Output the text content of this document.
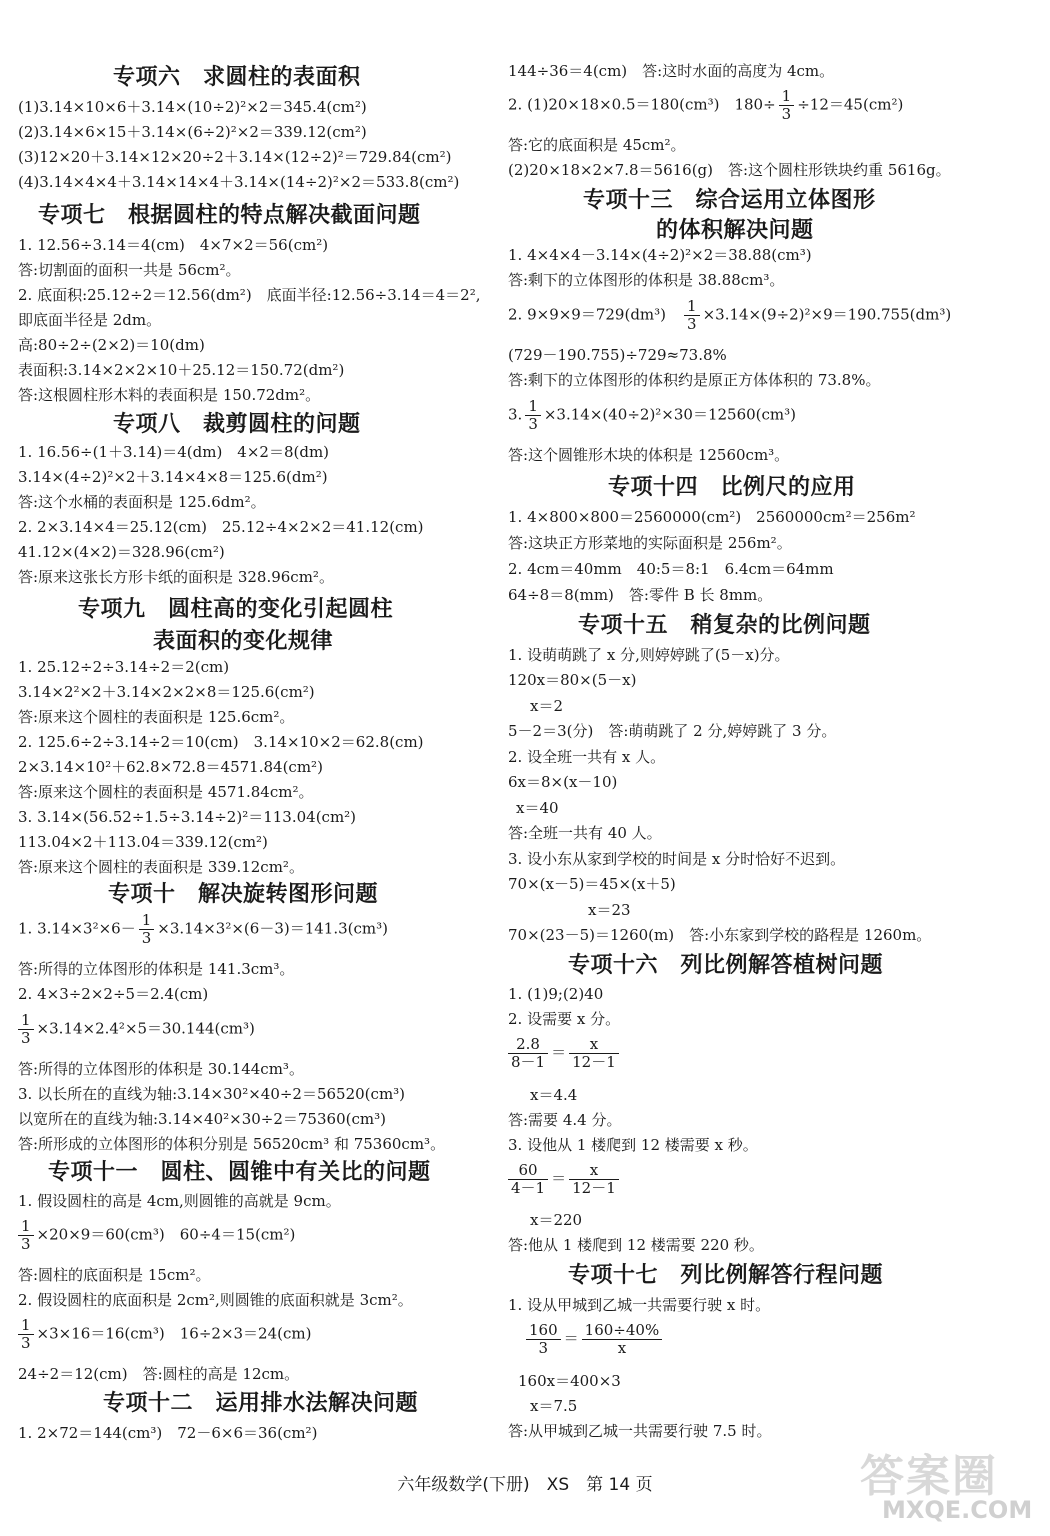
专项六　求圆柱的表面积
(1)3.14×10×6＋3.14×(10÷2)²×2＝345.4(cm²)
(2)3.14×6×15＋3.14×(6÷2)²×2＝339.12(cm²)
(3)12×20＋3.14×12×20÷2＋3.14×(12÷2)²＝729.84(cm²)
(4)3.14×4×4＋3.14×14×4＋3.14×(14÷2)²×2＝533.8(cm²)
专项七　根据圆柱的特点解决截面问题
1. 12.56÷3.14＝4(cm)　4×7×2＝56(cm²)
答:切割面的面积一共是 56cm²。
2. 底面积:25.12÷2＝12.56(dm²)　底面半径:12.56÷3.14＝4＝2²,
即底面半径是 2dm。
高:80÷2÷(2×2)＝10(dm)
表面积:3.14×2×2×10＋25.12＝150.72(dm²)
答:这根圆柱形木料的表面积是 150.72dm²。
专项八　裁剪圆柱的问题
1. 16.56÷(1＋3.14)＝4(dm)　4×2＝8(dm)
3.14×(4÷2)²×2＋3.14×4×8＝125.6(dm²)
答:这个水桶的表面积是 125.6dm²。
2. 2×3.14×4＝25.12(cm)　25.12÷4×2×2＝41.12(cm)
41.12×(4×2)＝328.96(cm²)
答:原来这张长方形卡纸的面积是 328.96cm²。
专项九　圆柱高的变化引起圆柱
表面积的变化规律
1. 25.12÷2÷3.14÷2＝2(cm)
3.14×2²×2＋3.14×2×2×8＝125.6(cm²)
答:原来这个圆柱的表面积是 125.6cm²。
2. 125.6÷2÷3.14÷2＝10(cm)　3.14×10×2＝62.8(cm)
2×3.14×10²＋62.8×72.8＝4571.84(cm²)
答:原来这个圆柱的表面积是 4571.84cm²。
3. 3.14×(56.52÷1.5÷3.14÷2)²＝113.04(cm²)
113.04×2＋113.04＝339.12(cm²)
答:原来这个圆柱的表面积是 339.12cm²。
专项十　解决旋转图形问题
1. $3.14\times 3^2\times 6- \frac{1}{3} \times 3.14\times 3^2\times(6-3)=141.3(cm^3)$
答:所得的立体图形的体积是 141.3cm³。
2. 4×3÷2×2÷5＝2.4(cm)
$\frac{1}{3} \times 3.14\times 2.4^2\times 5=30.144(cm^3)$
答:所得的立体图形的体积是 30.144cm³。
3. 以长所在的直线为轴:3.14×30²×40÷2＝56520(cm³)
以宽所在的直线为轴:3.14×40²×30÷2＝75360(cm³)
答:所形成的立体图形的体积分别是 56520cm³ 和 75360cm³。
专项十一　圆柱、圆锥中有关比的问题
1. 假设圆柱的高是 4cm,则圆锥的高就是 9cm。
$\frac{1}{3} \times 20\times 9=60(cm^3)$　60÷4＝15(cm²)
答:圆柱的底面积是 15cm²。
2. 假设圆柱的底面积是 2cm²,则圆锥的底面积就是 3cm²。
$\frac{1}{3} \times 3\times 16=16(cm^3)$　16÷2×3＝24(cm)
24÷2＝12(cm)　答:圆柱的高是 12cm。
专项十二　运用排水法解决问题
1. 2×72＝144(cm³)　72－6×6＝36(cm²)
144÷36＝4(cm)　答:这时水面的高度为 4cm。
2. (1)20×18×0.5＝180(cm³)　$180\div \frac{1}{3} \div 12=45(cm^2)$
答:它的底面积是 45cm²。
(2)20×18×2×7.8＝5616(g)　答:这个圆柱形铁块约重 5616g。
专项十三　综合运用立体图形
的体积解决问题
1. 4×4×4－3.14×(4÷2)²×2＝38.88(cm³)
答:剩下的立体图形的体积是 38.88cm³。
2. 9×9×9＝729(dm³)　 $\frac{1}{3} \times 3.14\times(9\div 2)^2\times 9=190.755(dm^3)$
(729－190.755)÷729≈73.8%
答:剩下的立体图形的体积约是原正方体体积的 73.8%。
3. $\frac{1}{3} \times 3.14\times(40\div 2)^2\times 30=12560(cm^3)$
答:这个圆锥形木块的体积是 12560cm³。
专项十四　比例尺的应用
1. 4×800×800＝2560000(cm²)　2560000cm²＝256m²
答:这块正方形菜地的实际面积是 256m²。
2. 4cm＝40mm　40:5＝8:1　6.4cm＝64mm
64÷8＝8(mm)　答:零件 B 长 8mm。
专项十五　稍复杂的比例问题
1. 设萌萌跳了 x 分,则婷婷跳了(5－x)分。
120x＝80×(5－x)
x＝2
5－2＝3(分)　答:萌萌跳了 2 分,婷婷跳了 3 分。
2. 设全班一共有 x 人。
6x＝8×(x－10)
x＝40
答:全班一共有 40 人。
3. 设小东从家到学校的时间是 x 分时恰好不迟到。
70×(x－5)＝45×(x＋5)
x＝23
70×(23－5)＝1260(m)　答:小东家到学校的路程是 1260m。
专项十六　列比例解答植树问题
1. (1)9;(2)40
2. 设需要 x 分。
$\frac{2.8}{8-1} = \frac{x}{12-1}$
x＝4.4
答:需要 4.4 分。
3. 设他从 1 楼爬到 12 楼需要 x 秒。
$\frac{60}{4-1} = \frac{x}{12-1}$
x＝220
答:他从 1 楼爬到 12 楼需要 220 秒。
专项十七　列比例解答行程问题
1. 设从甲城到乙城一共需要行驶 x 时。
$\frac{160}{3} = \frac{160\div 40\%}{x}$
160x＝400×3
x＝7.5
答:从甲城到乙城一共需要行驶 7.5 时。
六年级数学(下册)　XS　第 14 页	答案圈
MXQE.COM
